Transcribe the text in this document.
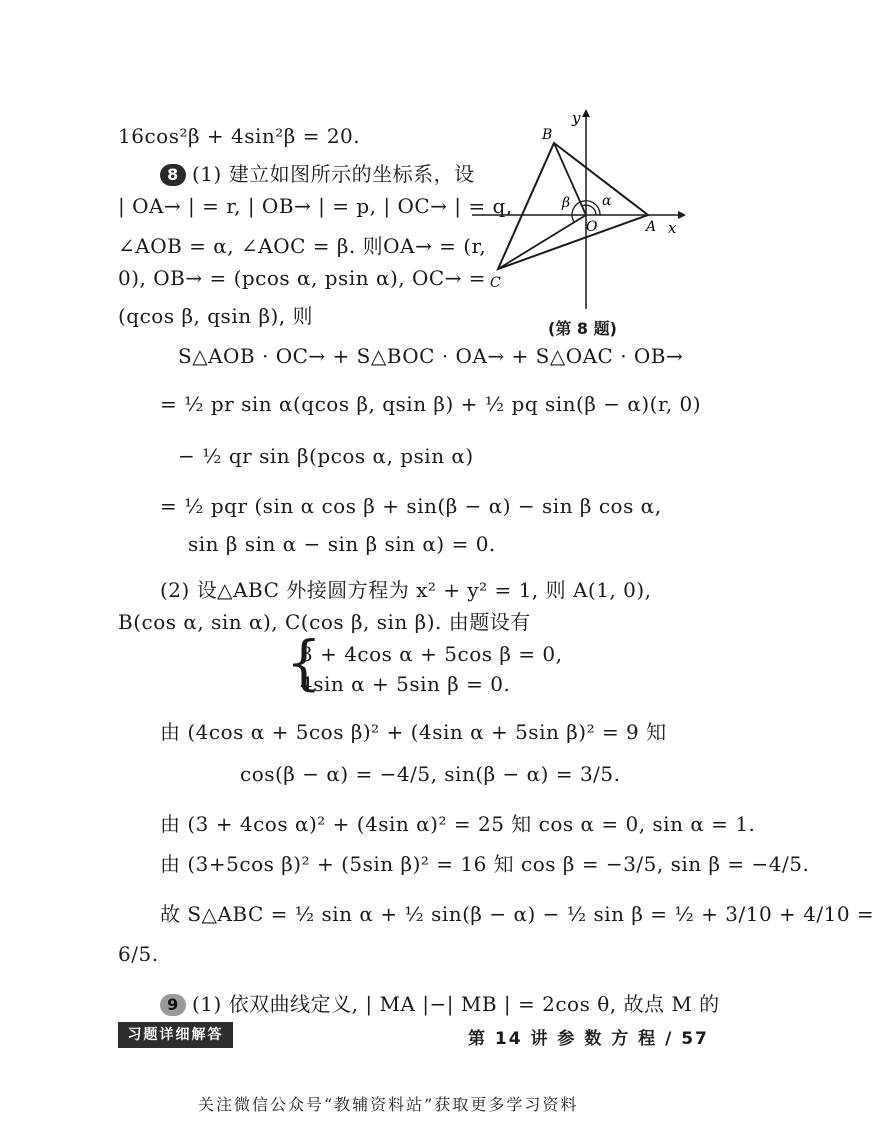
16cos²β + 4sin²β = 20.
8 (1) 建立如图所示的坐标系，设
| OA→ | = r, | OB→ | = p, | OC→ | = q,
∠AOB = α, ∠AOC = β. 则OA→ = (r,
0), OB→ = (pcos α, psin α), OC→ =
(qcos β, qsin β), 则
S△AOB · OC→ + S△BOC · OA→ + S△OAC · OB→
= ½ pr sin α(qcos β, qsin β) + ½ pq sin(β − α)(r, 0)
− ½ qr sin β(pcos α, psin α)
= ½ pqr (sin α cos β + sin(β − α) − sin β cos α,
sin β sin α − sin β sin α) = 0.
(2) 设△ABC 外接圆方程为 x² + y² = 1, 则 A(1, 0),
B(cos α, sin α), C(cos β, sin β). 由题设有
{
3 + 4cos α + 5cos β = 0,
4sin α + 5sin β = 0.
由 (4cos α + 5cos β)² + (4sin α + 5sin β)² = 9 知
cos(β − α) = −4/5, sin(β − α) = 3/5.
由 (3 + 4cos α)² + (4sin α)² = 25 知 cos α = 0, sin α = 1.
由 (3+5cos β)² + (5sin β)² = 16 知 cos β = −3/5, sin β = −4/5.
故 S△ABC = ½ sin α + ½ sin(β − α) − ½ sin β = ½ + 3/10 + 4/10 =
6/5.
9 (1) 依双曲线定义, | MA |−| MB | = 2cos θ, 故点 M 的
y
x
B
O	A
C
β α
(第 8 题)
习题详细解答	第 14 讲 参 数 方 程 / 57
关注微信公众号“教辅资料站”获取更多学习资料
